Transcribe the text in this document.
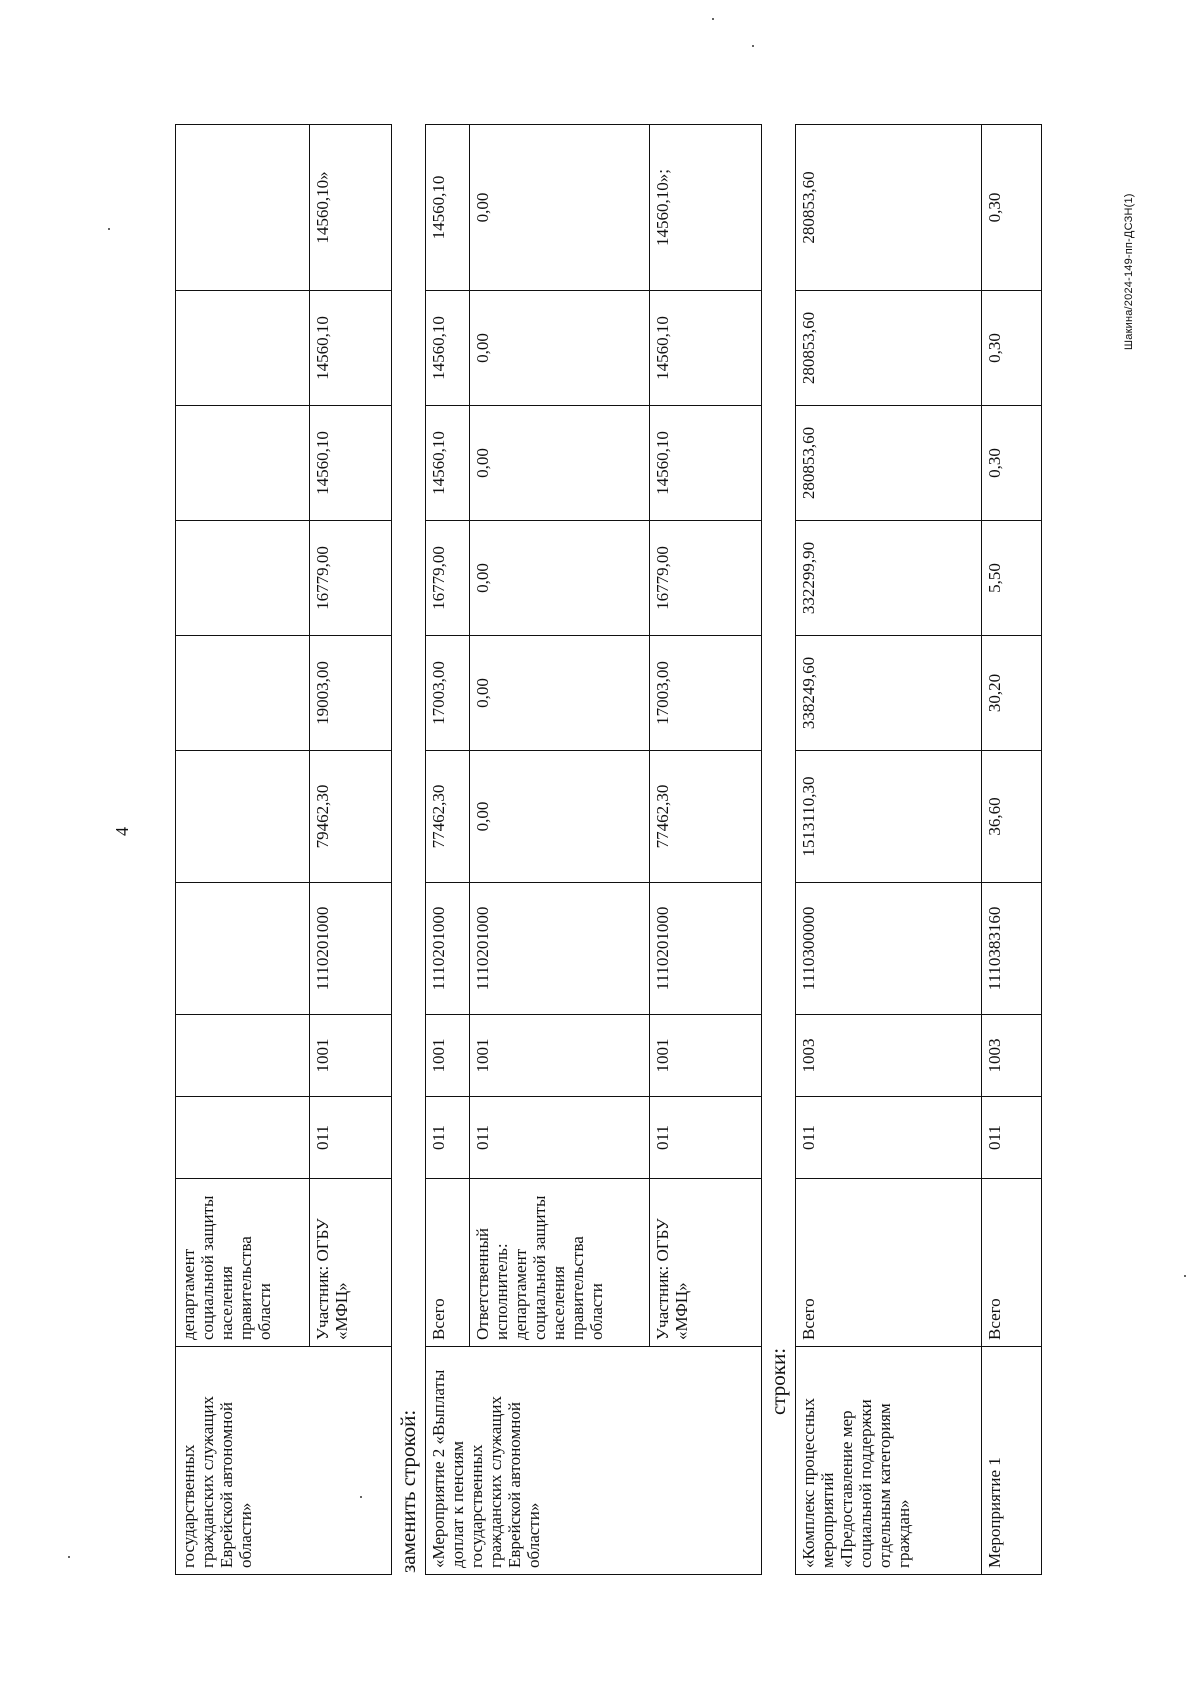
4
Шакина/2024-149-пп-ДСЗН(1)
государственных гражданских служащих Еврейской автономной области»	департамент социальной защиты населения правительства области									
	Участник: ОГБУ «МФЦ»	011	1001	1110201000	79462,30	19003,00	16779,00	14560,10	14560,10	14560,10»
заменить строкой: «Мероприятие 2 «Выплаты доплат к пенсиям государственных гражданских служащих Еврейской автономной области»	Всего	011	1001	1110201000	77462,30	17003,00	16779,00	14560,10	14560,10	14560,10
	Ответственный исполнитель: департамент социальной защиты населения правительства области	011	1001	1110201000	0,00	0,00	0,00	0,00	0,00	0,00
	Участник: ОГБУ «МФЦ»	011	1001	1110201000	77462,30	17003,00	16779,00	14560,10	14560,10	14560,10»;
строки:
«Комплекс процессных мероприятий «Предоставление мер социальной поддержки отдельным категориям граждан»	Всего	011	1003	1110300000	1513110,30	338249,60	332299,90	280853,60	280853,60	280853,60
Мероприятие 1	Всего	011	1003	1110383160	36,60	30,20	5,50	0,30	0,30	0,30
